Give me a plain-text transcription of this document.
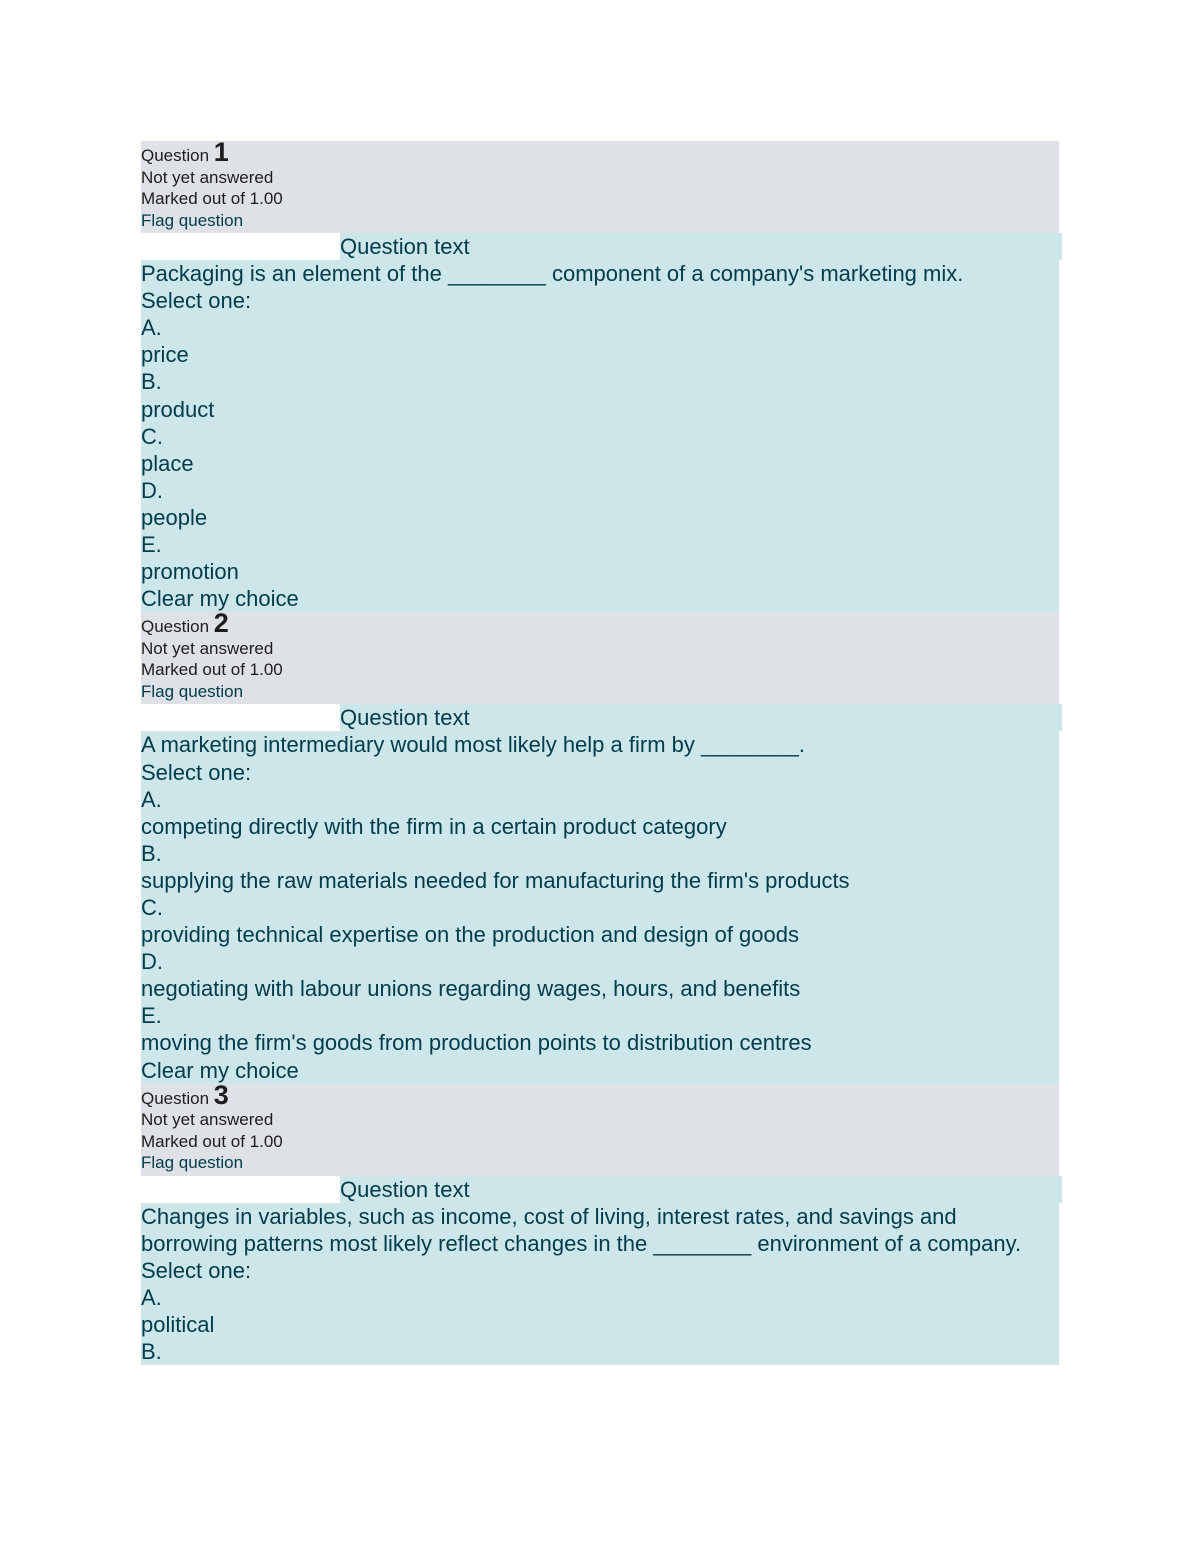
Question 1
Not yet answered
Marked out of 1.00
Flag question
Question text
Packaging is an element of the ________ component of a company's marketing mix.
Select one:
A.
price
B.
product
C.
place
D.
people
E.
promotion
Clear my choice
Question 2
Not yet answered
Marked out of 1.00
Flag question
Question text
A marketing intermediary would most likely help a firm by ________.
Select one:
A.
competing directly with the firm in a certain product category
B.
supplying the raw materials needed for manufacturing the firm's products
C.
providing technical expertise on the production and design of goods
D.
negotiating with labour unions regarding wages, hours, and benefits
E.
moving the firm's goods from production points to distribution centres
Clear my choice
Question 3
Not yet answered
Marked out of 1.00
Flag question
Question text
Changes in variables, such as income, cost of living, interest rates, and savings and borrowing patterns most likely reflect changes in the ________ environment of a company.
Select one:
A.
political
B.
